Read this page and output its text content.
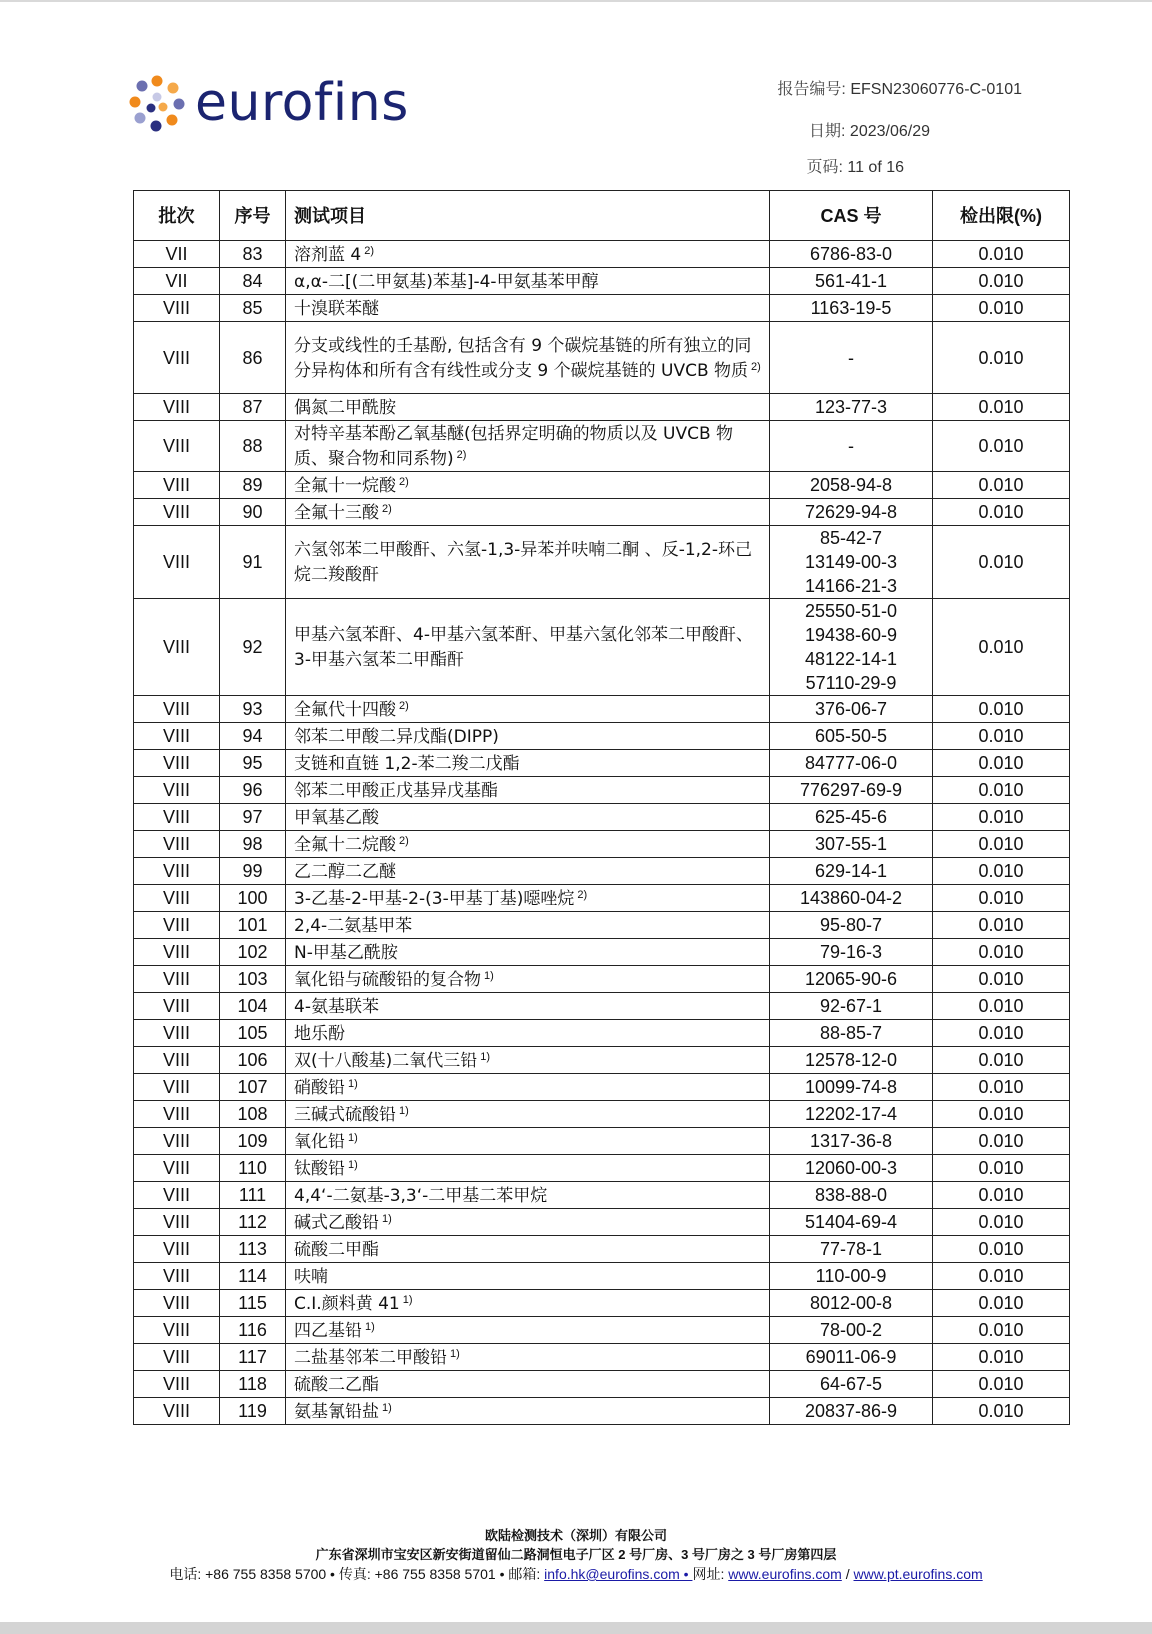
eurofins	报告编号: EFSN23060776-C-0101
日期: 2023/06/29
页码: 11 of 16
批次	序号	测试项目	CAS 号	检出限(%)
VII	83	溶剂蓝 4 $^{2)}$	6786-83-0	0.010
VII	84	α,α-二[(二甲氨基)苯基]-4-甲氨基苯甲醇	561-41-1	0.010
VIII	85	十溴联苯醚	1163-19-5	0.010
VIII	86	分支或线性的壬基酚, 包括含有 9 个碳烷基链的所有独立的同分异构体和所有含有线性或分支 9 个碳烷基链的 UVCB 物质 $^{2)}$	-	0.010
VIII	87	偶氮二甲酰胺	123-77-3	0.010
VIII	88	对特辛基苯酚乙氧基醚(包括界定明确的物质以及 UVCB 物质、聚合物和同系物) $^{2)}$	-	0.010
VIII	89	全氟十一烷酸 $^{2)}$	2058-94-8	0.010
VIII	90	全氟十三酸 $^{2)}$	72629-94-8	0.010
VIII	91	六氢邻苯二甲酸酐、六氢-1,3-异苯并呋喃二酮 、反-1,2-环己烷二羧酸酐	85-42-7
13149-00-3
14166-21-3	0.010
VIII	92	甲基六氢苯酐、4-甲基六氢苯酐、甲基六氢化邻苯二甲酸酐、3-甲基六氢苯二甲酯酐	25550-51-0
19438-60-9
48122-14-1
57110-29-9	0.010
VIII	93	全氟代十四酸 $^{2)}$	376-06-7	0.010
VIII	94	邻苯二甲酸二异戊酯(DIPP)	605-50-5	0.010
VIII	95	支链和直链 1,2-苯二羧二戊酯	84777-06-0	0.010
VIII	96	邻苯二甲酸正戊基异戊基酯	776297-69-9	0.010
VIII	97	甲氧基乙酸	625-45-6	0.010
VIII	98	全氟十二烷酸 $^{2)}$	307-55-1	0.010
VIII	99	乙二醇二乙醚	629-14-1	0.010
VIII	100	3-乙基-2-甲基-2-(3-甲基丁基)噁唑烷 $^{2)}$	143860-04-2	0.010
VIII	101	2,4-二氨基甲苯	95-80-7	0.010
VIII	102	N-甲基乙酰胺	79-16-3	0.010
VIII	103	氧化铅与硫酸铅的复合物 $^{1)}$	12065-90-6	0.010
VIII	104	4-氨基联苯	92-67-1	0.010
VIII	105	地乐酚	88-85-7	0.010
VIII	106	双(十八酸基)二氧代三铅 $^{1)}$	12578-12-0	0.010
VIII	107	硝酸铅 $^{1)}$	10099-74-8	0.010
VIII	108	三碱式硫酸铅 $^{1)}$	12202-17-4	0.010
VIII	109	氧化铅 $^{1)}$	1317-36-8	0.010
VIII	110	钛酸铅 $^{1)}$	12060-00-3	0.010
VIII	111	4,4‘-二氨基-3,3‘-二甲基二苯甲烷	838-88-0	0.010
VIII	112	碱式乙酸铅 $^{1)}$	51404-69-4	0.010
VIII	113	硫酸二甲酯	77-78-1	0.010
VIII	114	呋喃	110-00-9	0.010
VIII	115	C.I.颜料黄 41 $^{1)}$	8012-00-8	0.010
VIII	116	四乙基铅 $^{1)}$	78-00-2	0.010
VIII	117	二盐基邻苯二甲酸铅 $^{1)}$	69011-06-9	0.010
VIII	118	硫酸二乙酯	64-67-5	0.010
VIII	119	氨基氰铅盐 $^{1)}$	20837-86-9	0.010
欧陆检测技术（深圳）有限公司
广东省深圳市宝安区新安街道留仙二路洞恒电子厂区 2 号厂房、3 号厂房之 3 号厂房第四层
电话: +86 755 8358 5700 • 传真: +86 755 8358 5701 • 邮箱: info.hk@eurofins.com • 网址: www.eurofins.com / www.pt.eurofins.com
